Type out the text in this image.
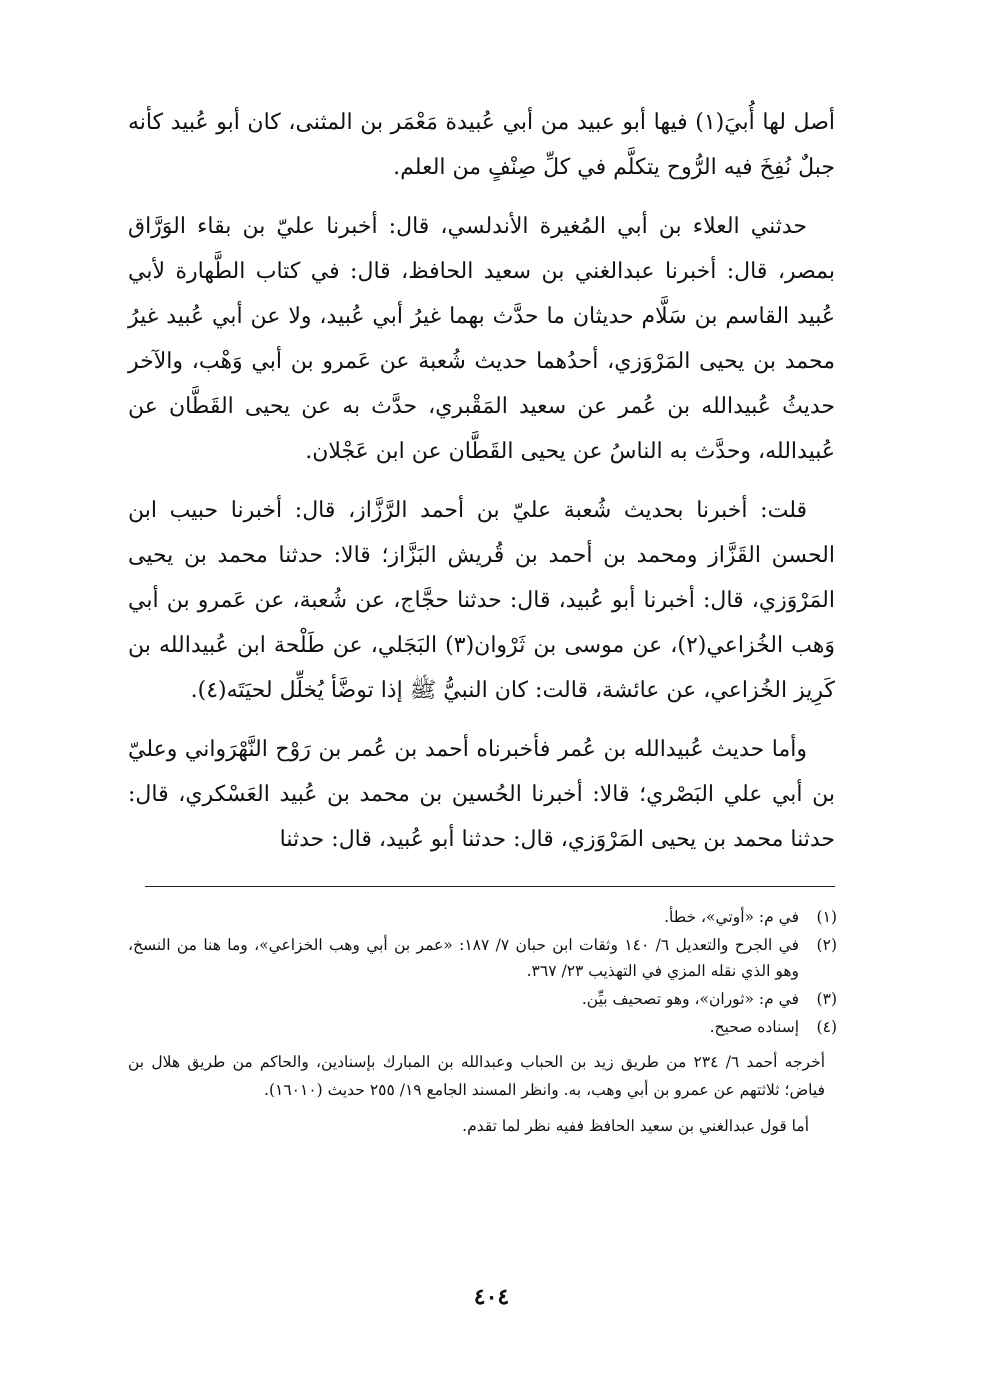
أصل لها أُبيَ(١) فيها أبو عبيد من أبي عُبيدة مَعْمَر بن المثنى، كان أبو عُبيد كأنه جبلٌ نُفِخَ فيه الرُّوح يتكلَّم في كلِّ صِنْفٍ من العلم.

حدثني العلاء بن أبي المُغيرة الأندلسي، قال: أخبرنا عليّ بن بقاء الوَرَّاق بمصر، قال: أخبرنا عبدالغني بن سعيد الحافظ، قال: في كتاب الطَّهارة لأبي عُبيد القاسم بن سَلَّام حديثان ما حدَّث بهما غيرُ أبي عُبيد، ولا عن أبي عُبيد غيرُ محمد بن يحيى المَرْوَزي، أحدُهما حديث شُعبة عن عَمرو بن أبي وَهْب، والآخر حديثُ عُبيدالله بن عُمر عن سعيد المَقْبري، حدَّث به عن يحيى القَطَّان عن عُبيدالله، وحدَّث به الناسُ عن يحيى القَطَّان عن ابن عَجْلان.

قلت: أخبرنا بحديث شُعبة عليّ بن أحمد الرَّزَّاز، قال: أخبرنا حبيب ابن الحسن القَزَّاز ومحمد بن أحمد بن قُريش البَزَّاز؛ قالا: حدثنا محمد بن يحيى المَرْوَزي، قال: أخبرنا أبو عُبيد، قال: حدثنا حجَّاج، عن شُعبة، عن عَمرو بن أبي وَهب الخُزاعي(٢)، عن موسى بن ثَرْوان(٣) البَجَلي، عن طَلْحة ابن عُبيدالله بن كَرِيز الخُزاعي، عن عائشة، قالت: كان النبيُّ ﷺ إذا توضَّأ يُخلِّل لحيَتَه(٤).

وأما حديث عُبيدالله بن عُمر فأخبرناه أحمد بن عُمر بن رَوْح النَّهْرَواني وعليّ بن أبي علي البَصْري؛ قالا: أخبرنا الحُسين بن محمد بن عُبيد العَسْكري، قال: حدثنا محمد بن يحيى المَرْوَزي، قال: حدثنا أبو عُبيد، قال: حدثنا

(١)
في م: «أوتي»، خطأ.
(٢)
في الجرح والتعديل ٦/ ١٤٠ وثقات ابن حبان ٧/ ١٨٧: «عمر بن أبي وهب الخزاعي»، وما هنا من النسخ، وهو الذي نقله المزي في التهذيب ٢٣/ ٣٦٧.
(٣)
في م: «ثوران»، وهو تصحيف بيِّن.
(٤)
إسناده صحيح.

أخرجه أحمد ٦/ ٢٣٤ من طريق زيد بن الحباب وعبدالله بن المبارك بإسنادين، والحاكم من طريق هلال بن فياض؛ ثلاثتهم عن عمرو بن أبي وهب، به. وانظر المسند الجامع ١٩/ ٢٥٥ حديث (١٦٠١٠).

أما قول عبدالغني بن سعيد الحافظ ففيه نظر لما تقدم.

٤٠٤
